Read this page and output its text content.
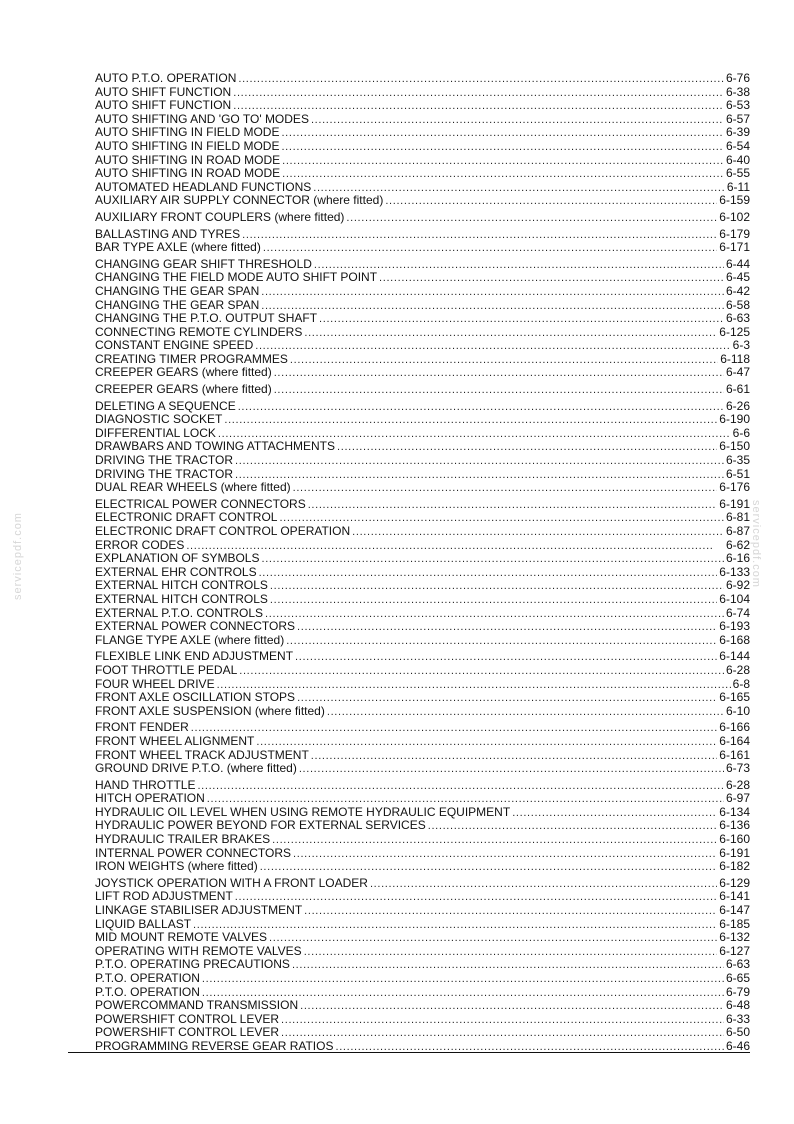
AUTO P.T.O. OPERATION . . .	6-76
AUTO SHIFT FUNCTION . . .	6-38
AUTO SHIFT FUNCTION . . .	6-53
AUTO SHIFTING AND 'GO TO' MODES . . .	6-57
AUTO SHIFTING IN FIELD MODE . . .	6-39
AUTO SHIFTING IN FIELD MODE . . .	6-54
AUTO SHIFTING IN ROAD MODE . . .	6-40
AUTO SHIFTING IN ROAD MODE . . .	6-55
AUTOMATED HEADLAND FUNCTIONS . . .	6-11
AUXILIARY AIR SUPPLY CONNECTOR (where fitted) . . .	6-159
AUXILIARY FRONT COUPLERS (where fitted) . . .	6-102
BALLASTING AND TYRES . . .	6-179
BAR TYPE AXLE (where fitted) . . .	6-171
CHANGING GEAR SHIFT THRESHOLD . . .	6-44
CHANGING THE FIELD MODE AUTO SHIFT POINT . . .	6-45
CHANGING THE GEAR SPAN . . .	6-42
CHANGING THE GEAR SPAN . . .	6-58
CHANGING THE P.T.O. OUTPUT SHAFT . . .	6-63
CONNECTING REMOTE CYLINDERS . . .	6-125
CONSTANT ENGINE SPEED . . .	6-3
CREATING TIMER PROGRAMMES . . .	6-118
CREEPER GEARS (where fitted) . . .	6-47
CREEPER GEARS (where fitted) . . .	6-61
DELETING A SEQUENCE . . .	6-26
DIAGNOSTIC SOCKET . . .	6-190
DIFFERENTIAL LOCK . . .	6-6
DRAWBARS AND TOWING ATTACHMENTS . . .	6-150
DRIVING THE TRACTOR . . .	6-35
DRIVING THE TRACTOR . . .	6-51
DUAL REAR WHEELS (where fitted) . . .	6-176
ELECTRICAL POWER CONNECTORS . . .	6-191
ELECTRONIC DRAFT CONTROL . . .	6-81
ELECTRONIC DRAFT CONTROL OPERATION . . .	6-87
ERROR CODES . . .	6-62
EXPLANATION OF SYMBOLS . . .	6-16
EXTERNAL EHR CONTROLS . . .	6-133
EXTERNAL HITCH CONTROLS . . .	6-92
EXTERNAL HITCH CONTROLS . . .	6-104
EXTERNAL P.T.O. CONTROLS . . .	6-74
EXTERNAL POWER CONNECTORS . . .	6-193
FLANGE TYPE AXLE (where fitted) . . .	6-168
FLEXIBLE LINK END ADJUSTMENT . . .	6-144
FOOT THROTTLE PEDAL . . .	6-28
FOUR WHEEL DRIVE . . .	6-8
FRONT AXLE OSCILLATION STOPS . . .	6-165
FRONT AXLE SUSPENSION (where fitted) . . .	6-10
FRONT FENDER . . .	6-166
FRONT WHEEL ALIGNMENT . . .	6-164
FRONT WHEEL TRACK ADJUSTMENT . . .	6-161
GROUND DRIVE P.T.O. (where fitted) . . .	6-73
HAND THROTTLE . . .	6-28
HITCH OPERATION . . .	6-97
HYDRAULIC OIL LEVEL WHEN USING REMOTE HYDRAULIC EQUIPMENT . . .	6-134
HYDRAULIC POWER BEYOND FOR EXTERNAL SERVICES . . .	6-136
HYDRAULIC TRAILER BRAKES . . .	6-160
INTERNAL POWER CONNECTORS . . .	6-191
IRON WEIGHTS (where fitted) . . .	6-182
JOYSTICK OPERATION WITH A FRONT LOADER . . .	6-129
LIFT ROD ADJUSTMENT . . .	6-141
LINKAGE STABILISER ADJUSTMENT . . .	6-147
LIQUID BALLAST . . .	6-185
MID MOUNT REMOTE VALVES . . .	6-132
OPERATING WITH REMOTE VALVES . . .	6-127
P.T.O. OPERATING PRECAUTIONS . . .	6-63
P.T.O. OPERATION . . .	6-65
P.T.O. OPERATION . . .	6-79
POWERCOMMAND TRANSMISSION . . .	6-48
POWERSHIFT CONTROL LEVER . . .	6-33
POWERSHIFT CONTROL LEVER . . .	6-50
PROGRAMMING REVERSE GEAR RATIOS . . .	6-46
servicepdf.com	servicepdf.com
